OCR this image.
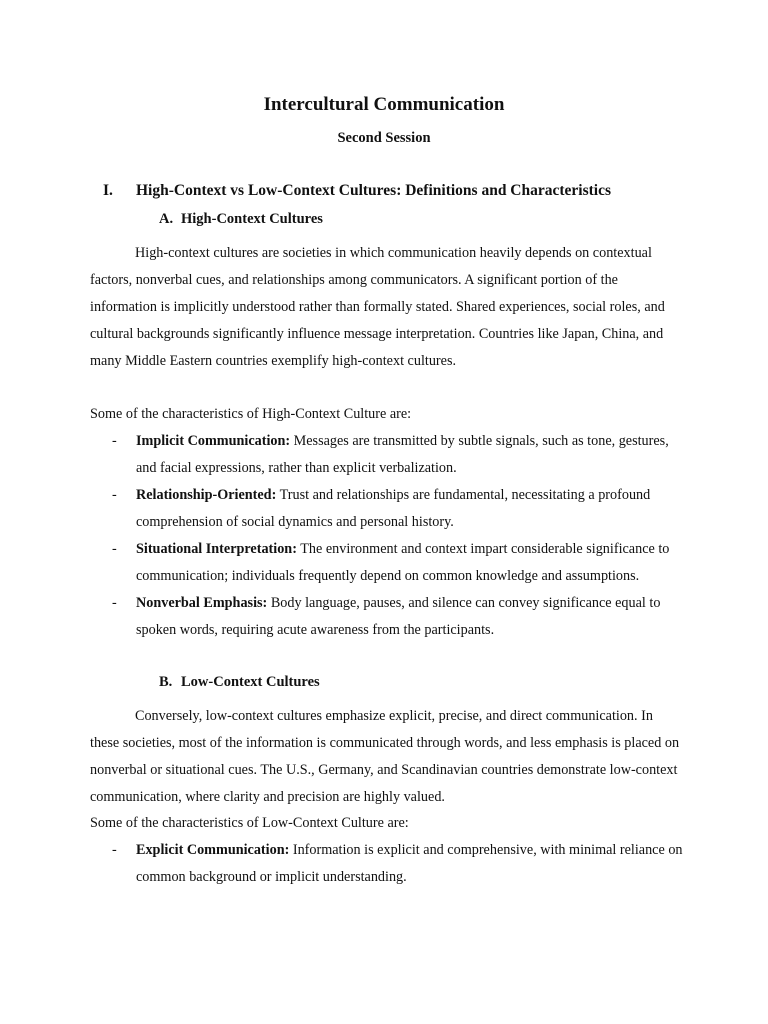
Intercultural Communication
Second Session
I. High-Context vs Low-Context Cultures: Definitions and Characteristics
A. High-Context Cultures
High-context cultures are societies in which communication heavily depends on contextual factors, nonverbal cues, and relationships among communicators. A significant portion of the information is implicitly understood rather than formally stated. Shared experiences, social roles, and cultural backgrounds significantly influence message interpretation. Countries like Japan, China, and many Middle Eastern countries exemplify high-context cultures.
Some of the characteristics of High-Context Culture are:
- Implicit Communication: Messages are transmitted by subtle signals, such as tone, gestures, and facial expressions, rather than explicit verbalization.
- Relationship-Oriented: Trust and relationships are fundamental, necessitating a profound comprehension of social dynamics and personal history.
- Situational Interpretation: The environment and context impart considerable significance to communication; individuals frequently depend on common knowledge and assumptions.
- Nonverbal Emphasis: Body language, pauses, and silence can convey significance equal to spoken words, requiring acute awareness from the participants.
B. Low-Context Cultures
Conversely, low-context cultures emphasize explicit, precise, and direct communication. In these societies, most of the information is communicated through words, and less emphasis is placed on nonverbal or situational cues. The U.S., Germany, and Scandinavian countries demonstrate low-context communication, where clarity and precision are highly valued.
Some of the characteristics of Low-Context Culture are:
- Explicit Communication: Information is explicit and comprehensive, with minimal reliance on common background or implicit understanding.
